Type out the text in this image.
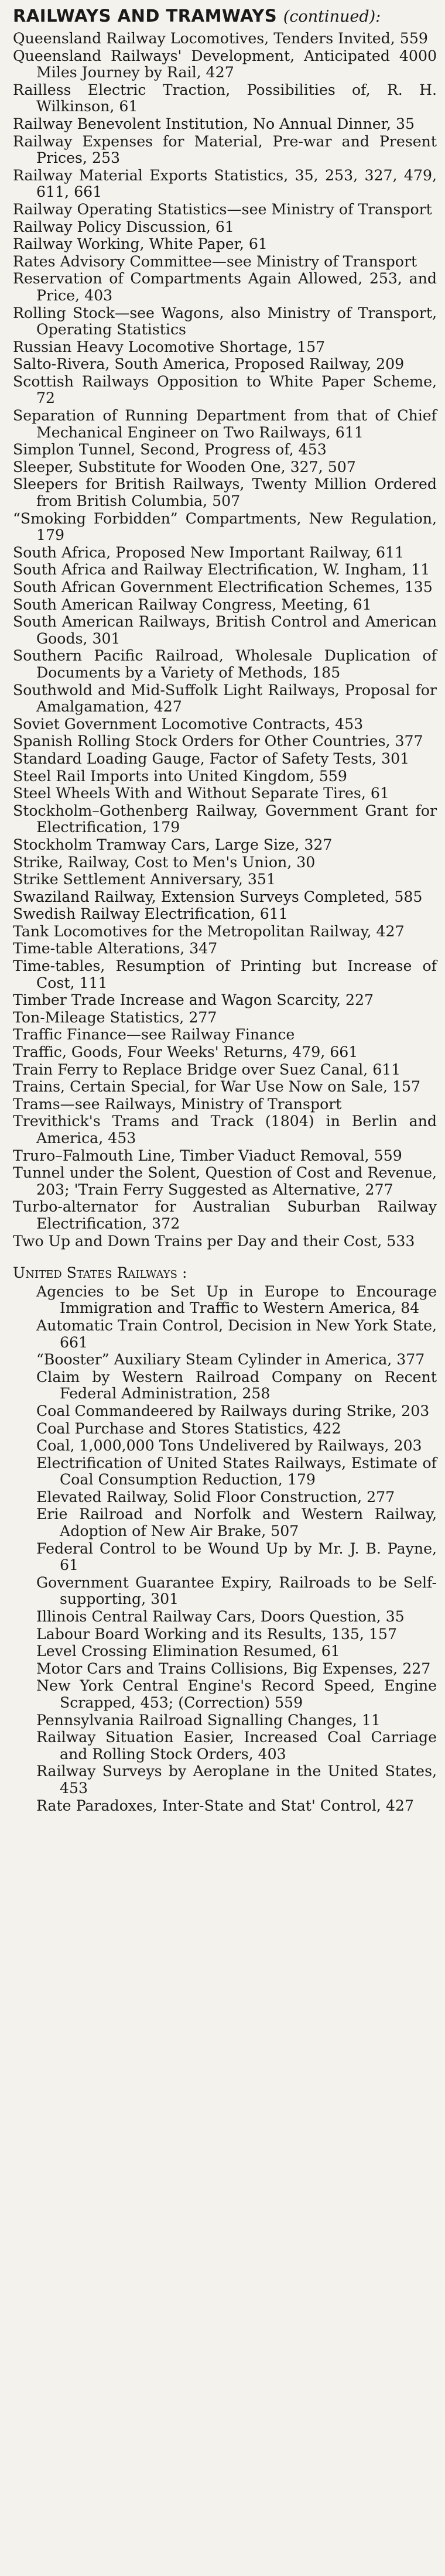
RAILWAYS AND TRAMWAYS (continued):
Queensland Railway Locomotives, Tenders Invited, 559
Queensland Railways' Development, Anticipated 4000 Miles Journey by Rail, 427
Railless Electric Traction, Possibilities of, R. H. Wilkinson, 61
Railway Benevolent Institution, No Annual Dinner, 35
Railway Expenses for Material, Pre-war and Present Prices, 253
Railway Material Exports Statistics, 35, 253, 327, 479, 611, 661
Railway Operating Statistics—see Ministry of Transport
Railway Policy Discussion, 61
Railway Working, White Paper, 61
Rates Advisory Committee—see Ministry of Transport
Reservation of Compartments Again Allowed, 253, and Price, 403
Rolling Stock—see Wagons, also Ministry of Transport, Operating Statistics
Russian Heavy Locomotive Shortage, 157
Salto-Rivera, South America, Proposed Railway, 209
Scottish Railways Opposition to White Paper Scheme, 72
Separation of Running Department from that of Chief Mechanical Engineer on Two Railways, 611
Simplon Tunnel, Second, Progress of, 453
Sleeper, Substitute for Wooden One, 327, 507
Sleepers for British Railways, Twenty Million Ordered from British Columbia, 507
“Smoking Forbidden” Compartments, New Regulation, 179
South Africa, Proposed New Important Railway, 611
South Africa and Railway Electrification, W. Ingham, 11
South African Government Electrification Schemes, 135
South American Railway Congress, Meeting, 61
South American Railways, British Control and American Goods, 301
Southern Pacific Railroad, Wholesale Duplication of Documents by a Variety of Methods, 185
Southwold and Mid-Suffolk Light Railways, Proposal for Amalgamation, 427
Soviet Government Locomotive Contracts, 453
Spanish Rolling Stock Orders for Other Countries, 377
Standard Loading Gauge, Factor of Safety Tests, 301
Steel Rail Imports into United Kingdom, 559
Steel Wheels With and Without Separate Tires, 61
Stockholm–Gothenberg Railway, Government Grant for Electrification, 179
Stockholm Tramway Cars, Large Size, 327
Strike, Railway, Cost to Men's Union, 30
Strike Settlement Anniversary, 351
Swaziland Railway, Extension Surveys Completed, 585
Swedish Railway Electrification, 611
Tank Locomotives for the Metropolitan Railway, 427
Time-table Alterations, 347
Time-tables, Resumption of Printing but Increase of Cost, 111
Timber Trade Increase and Wagon Scarcity, 227
Ton-Mileage Statistics, 277
Traffic Finance—see Railway Finance
Traffic, Goods, Four Weeks' Returns, 479, 661
Train Ferry to Replace Bridge over Suez Canal, 611
Trains, Certain Special, for War Use Now on Sale, 157
Trams—see Railways, Ministry of Transport
Trevithick's Trams and Track (1804) in Berlin and America, 453
Truro–Falmouth Line, Timber Viaduct Removal, 559
Tunnel under the Solent, Question of Cost and Revenue, 203; 'Train Ferry Suggested as Alternative, 277
Turbo-alternator for Australian Suburban Railway Electrification, 372
Two Up and Down Trains per Day and their Cost, 533
United States Railways :
Agencies to be Set Up in Europe to Encourage Immigration and Traffic to Western America, 84
Automatic Train Control, Decision in New York State, 661
“Booster” Auxiliary Steam Cylinder in America, 377
Claim by Western Railroad Company on Recent Federal Administration, 258
Coal Commandeered by Railways during Strike, 203
Coal Purchase and Stores Statistics, 422
Coal, 1,000,000 Tons Undelivered by Railways, 203
Electrification of United States Railways, Estimate of Coal Consumption Reduction, 179
Elevated Railway, Solid Floor Construction, 277
Erie Railroad and Norfolk and Western Railway, Adoption of New Air Brake, 507
Federal Control to be Wound Up by Mr. J. B. Payne, 61
Government Guarantee Expiry, Railroads to be Self-supporting, 301
Illinois Central Railway Cars, Doors Question, 35
Labour Board Working and its Results, 135, 157
Level Crossing Elimination Resumed, 61
Motor Cars and Trains Collisions, Big Expenses, 227
New York Central Engine's Record Speed, Engine Scrapped, 453; (Correction) 559
Pennsylvania Railroad Signalling Changes, 11
Railway Situation Easier, Increased Coal Carriage and Rolling Stock Orders, 403
Railway Surveys by Aeroplane in the United States, 453
Rate Paradoxes, Inter-State and Stat' Control, 427
